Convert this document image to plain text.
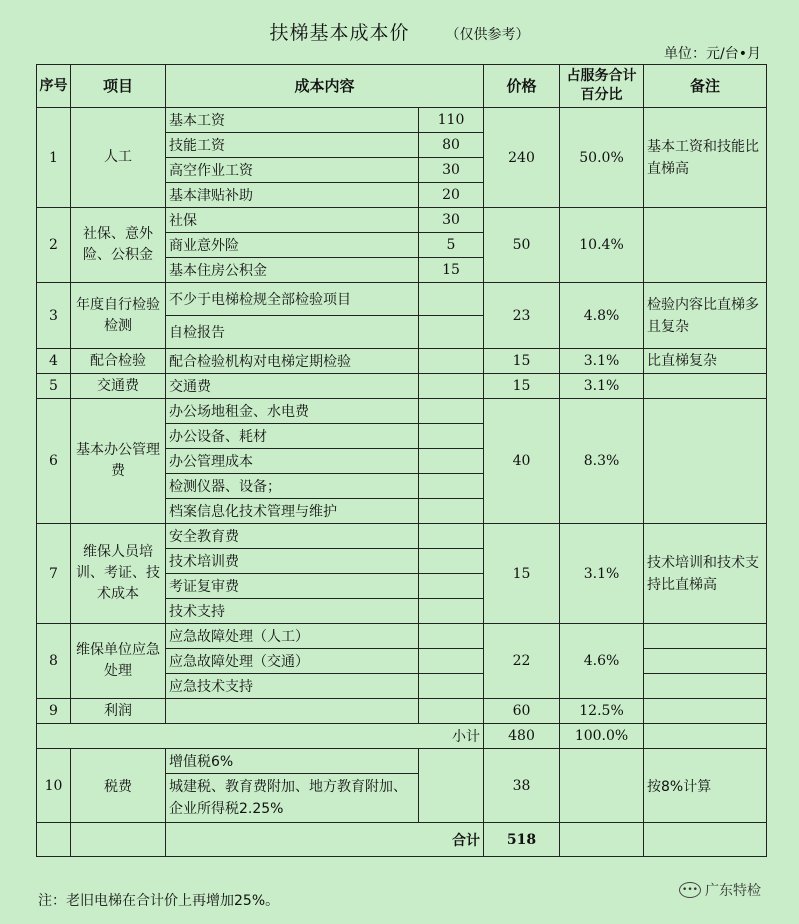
扶梯基本成本价	（仅供参考）
单位：元/台•月
序号	项目	成本内容		价格	占服务合计百分比	备注
1	人工	基本工资	110	240	50.0%	基本工资和技能比直梯高
		技能工资	80			
		高空作业工资	30			
		基本津贴补助	20			
2	社保、意外险、公积金	社保	30	50	10.4%	
		商业意外险	5			
		基本住房公积金	15			
3	年度自行检验检测	不少于电梯检规全部检验项目		23	4.8%	检验内容比直梯多且复杂
		自检报告				
4	配合检验	配合检验机构对电梯定期检验		15	3.1%	比直梯复杂
5	交通费	交通费		15	3.1%	
6	基本办公管理费	办公场地租金、水电费		40	8.3%	
		办公设备、耗材				
		办公管理成本				
		检测仪器、设备；				
		档案信息化技术管理与维护				
7	维保人员培训、考证、技术成本	安全教育费		15	3.1%	技术培训和技术支持比直梯高
		技术培训费				
		考证复审费				
		技术支持				
8	维保单位应急处理	应急故障处理（人工）		22	4.6%	
		应急故障处理（交通）				
		应急技术支持				
9	利润			60	12.5%	
小计				480	100.0%	
10	税费	增值税6%		38		按8%计算
		城建税、教育费附加、地方教育附加、企业所得税2.25%				
		合计		518		
注：老旧电梯在合计价上再增加25%。
••• 广东特检
